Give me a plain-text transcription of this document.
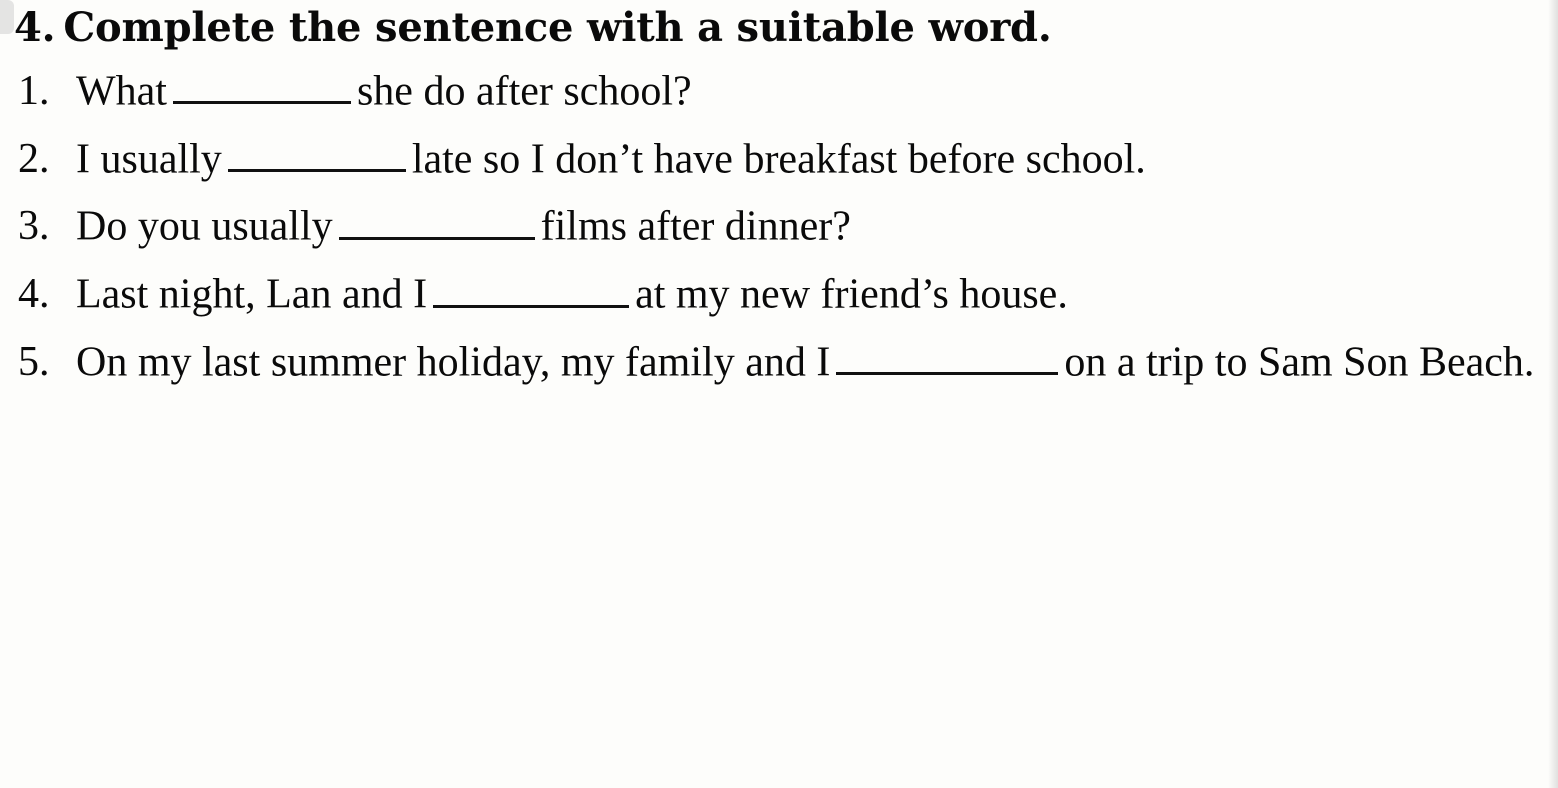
4. Complete the sentence with a suitable word.
1. What	she do after school?
2. I usually	late so I don’t have breakfast before school.
3. Do you usually	films after dinner?
4. Last night, Lan and I	at my new friend’s house.
5. On my last summer holiday, my family and I	on a trip to Sam Son Beach.
